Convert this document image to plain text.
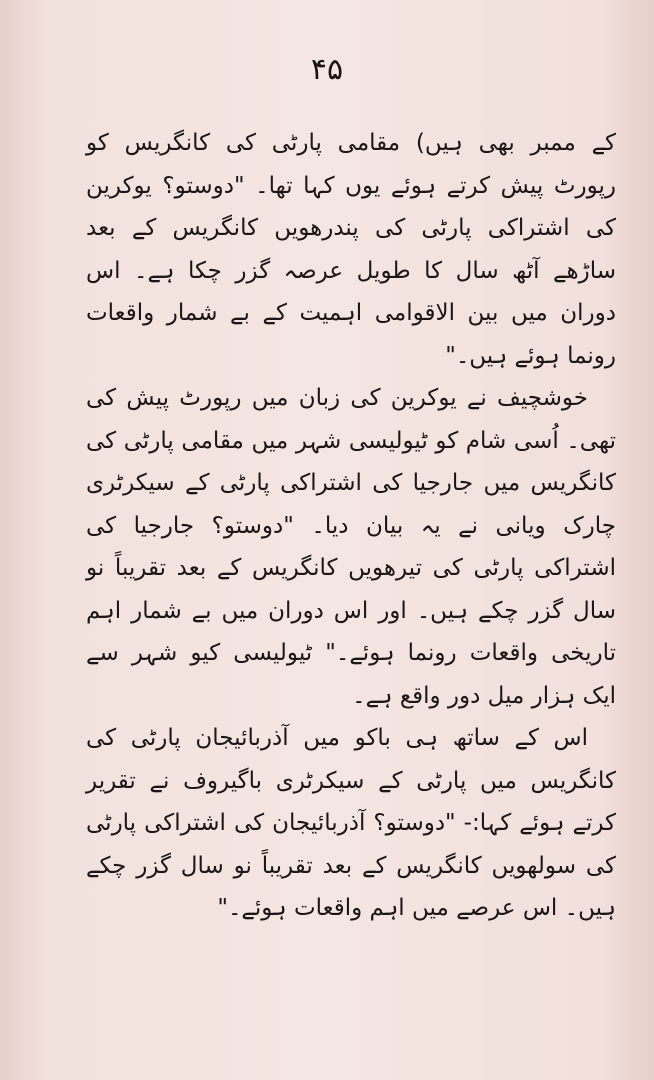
۴۵

کے ممبر بھی ہیں) مقامی پارٹی کی کانگریس کو رپورٹ پیش کرتے ہوئے یوں کہا تھا۔ "دوستو؟ یوکرین کی اشتراکی پارٹی کی پندرھویں کانگریس کے بعد ساڑھے آٹھ سال کا طویل عرصہ گزر چکا ہے۔ اس دوران میں بین الاقوامی اہمیت کے بے شمار واقعات رونما ہوئے ہیں۔"

خوشچیف نے یوکرین کی زبان میں رپورٹ پیش کی تھی۔ اُسی شام کو ٹیولیسی شہر میں مقامی پارٹی کی کانگریس میں جارجیا کی اشتراکی پارٹی کے سیکرٹری چارک ویانی نے یہ بیان دیا۔ "دوستو؟ جارجیا کی اشتراکی پارٹی کی تیرھویں کانگریس کے بعد تقریباً نو سال گزر چکے ہیں۔ اور اس دوران میں بے شمار اہم تاریخی واقعات رونما ہوئے۔" ٹیولیسی کیو شہر سے ایک ہزار میل دور واقع ہے۔

اس کے ساتھ ہی باکو میں آذربائیجان پارٹی کی کانگریس میں پارٹی کے سیکرٹری باگیروف نے تقریر کرتے ہوئے کہا:- "دوستو؟ آذربائیجان کی اشتراکی پارٹی کی سولھویں کانگریس کے بعد تقریباً نو سال گزر چکے ہیں۔ اس عرصے میں اہم واقعات ہوئے۔"
